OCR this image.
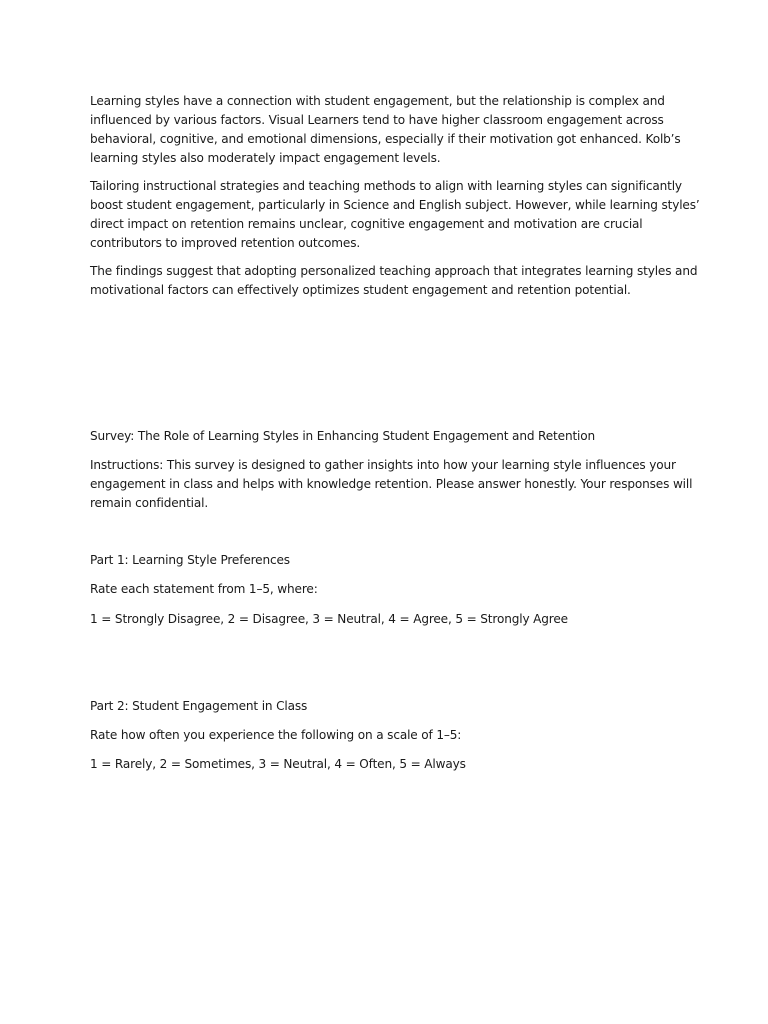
Learning styles have a connection with student engagement, but the relationship is complex and
influenced by various factors. Visual Learners tend to have higher classroom engagement across
behavioral, cognitive, and emotional dimensions, especially if their motivation got enhanced. Kolb’s
learning styles also moderately impact engagement levels.

Tailoring instructional strategies and teaching methods to align with learning styles can significantly
boost student engagement, particularly in Science and English subject. However, while learning styles’
direct impact on retention remains unclear, cognitive engagement and motivation are crucial
contributors to improved retention outcomes.

The findings suggest that adopting personalized teaching approach that integrates learning styles and
motivational factors can effectively optimizes student engagement and retention potential.

Survey: The Role of Learning Styles in Enhancing Student Engagement and Retention

Instructions: This survey is designed to gather insights into how your learning style influences your
engagement in class and helps with knowledge retention. Please answer honestly. Your responses will
remain confidential.

Part 1: Learning Style Preferences

Rate each statement from 1–5, where:

1 = Strongly Disagree, 2 = Disagree, 3 = Neutral, 4 = Agree, 5 = Strongly Agree

Part 2: Student Engagement in Class

Rate how often you experience the following on a scale of 1–5:

1 = Rarely, 2 = Sometimes, 3 = Neutral, 4 = Often, 5 = Always
